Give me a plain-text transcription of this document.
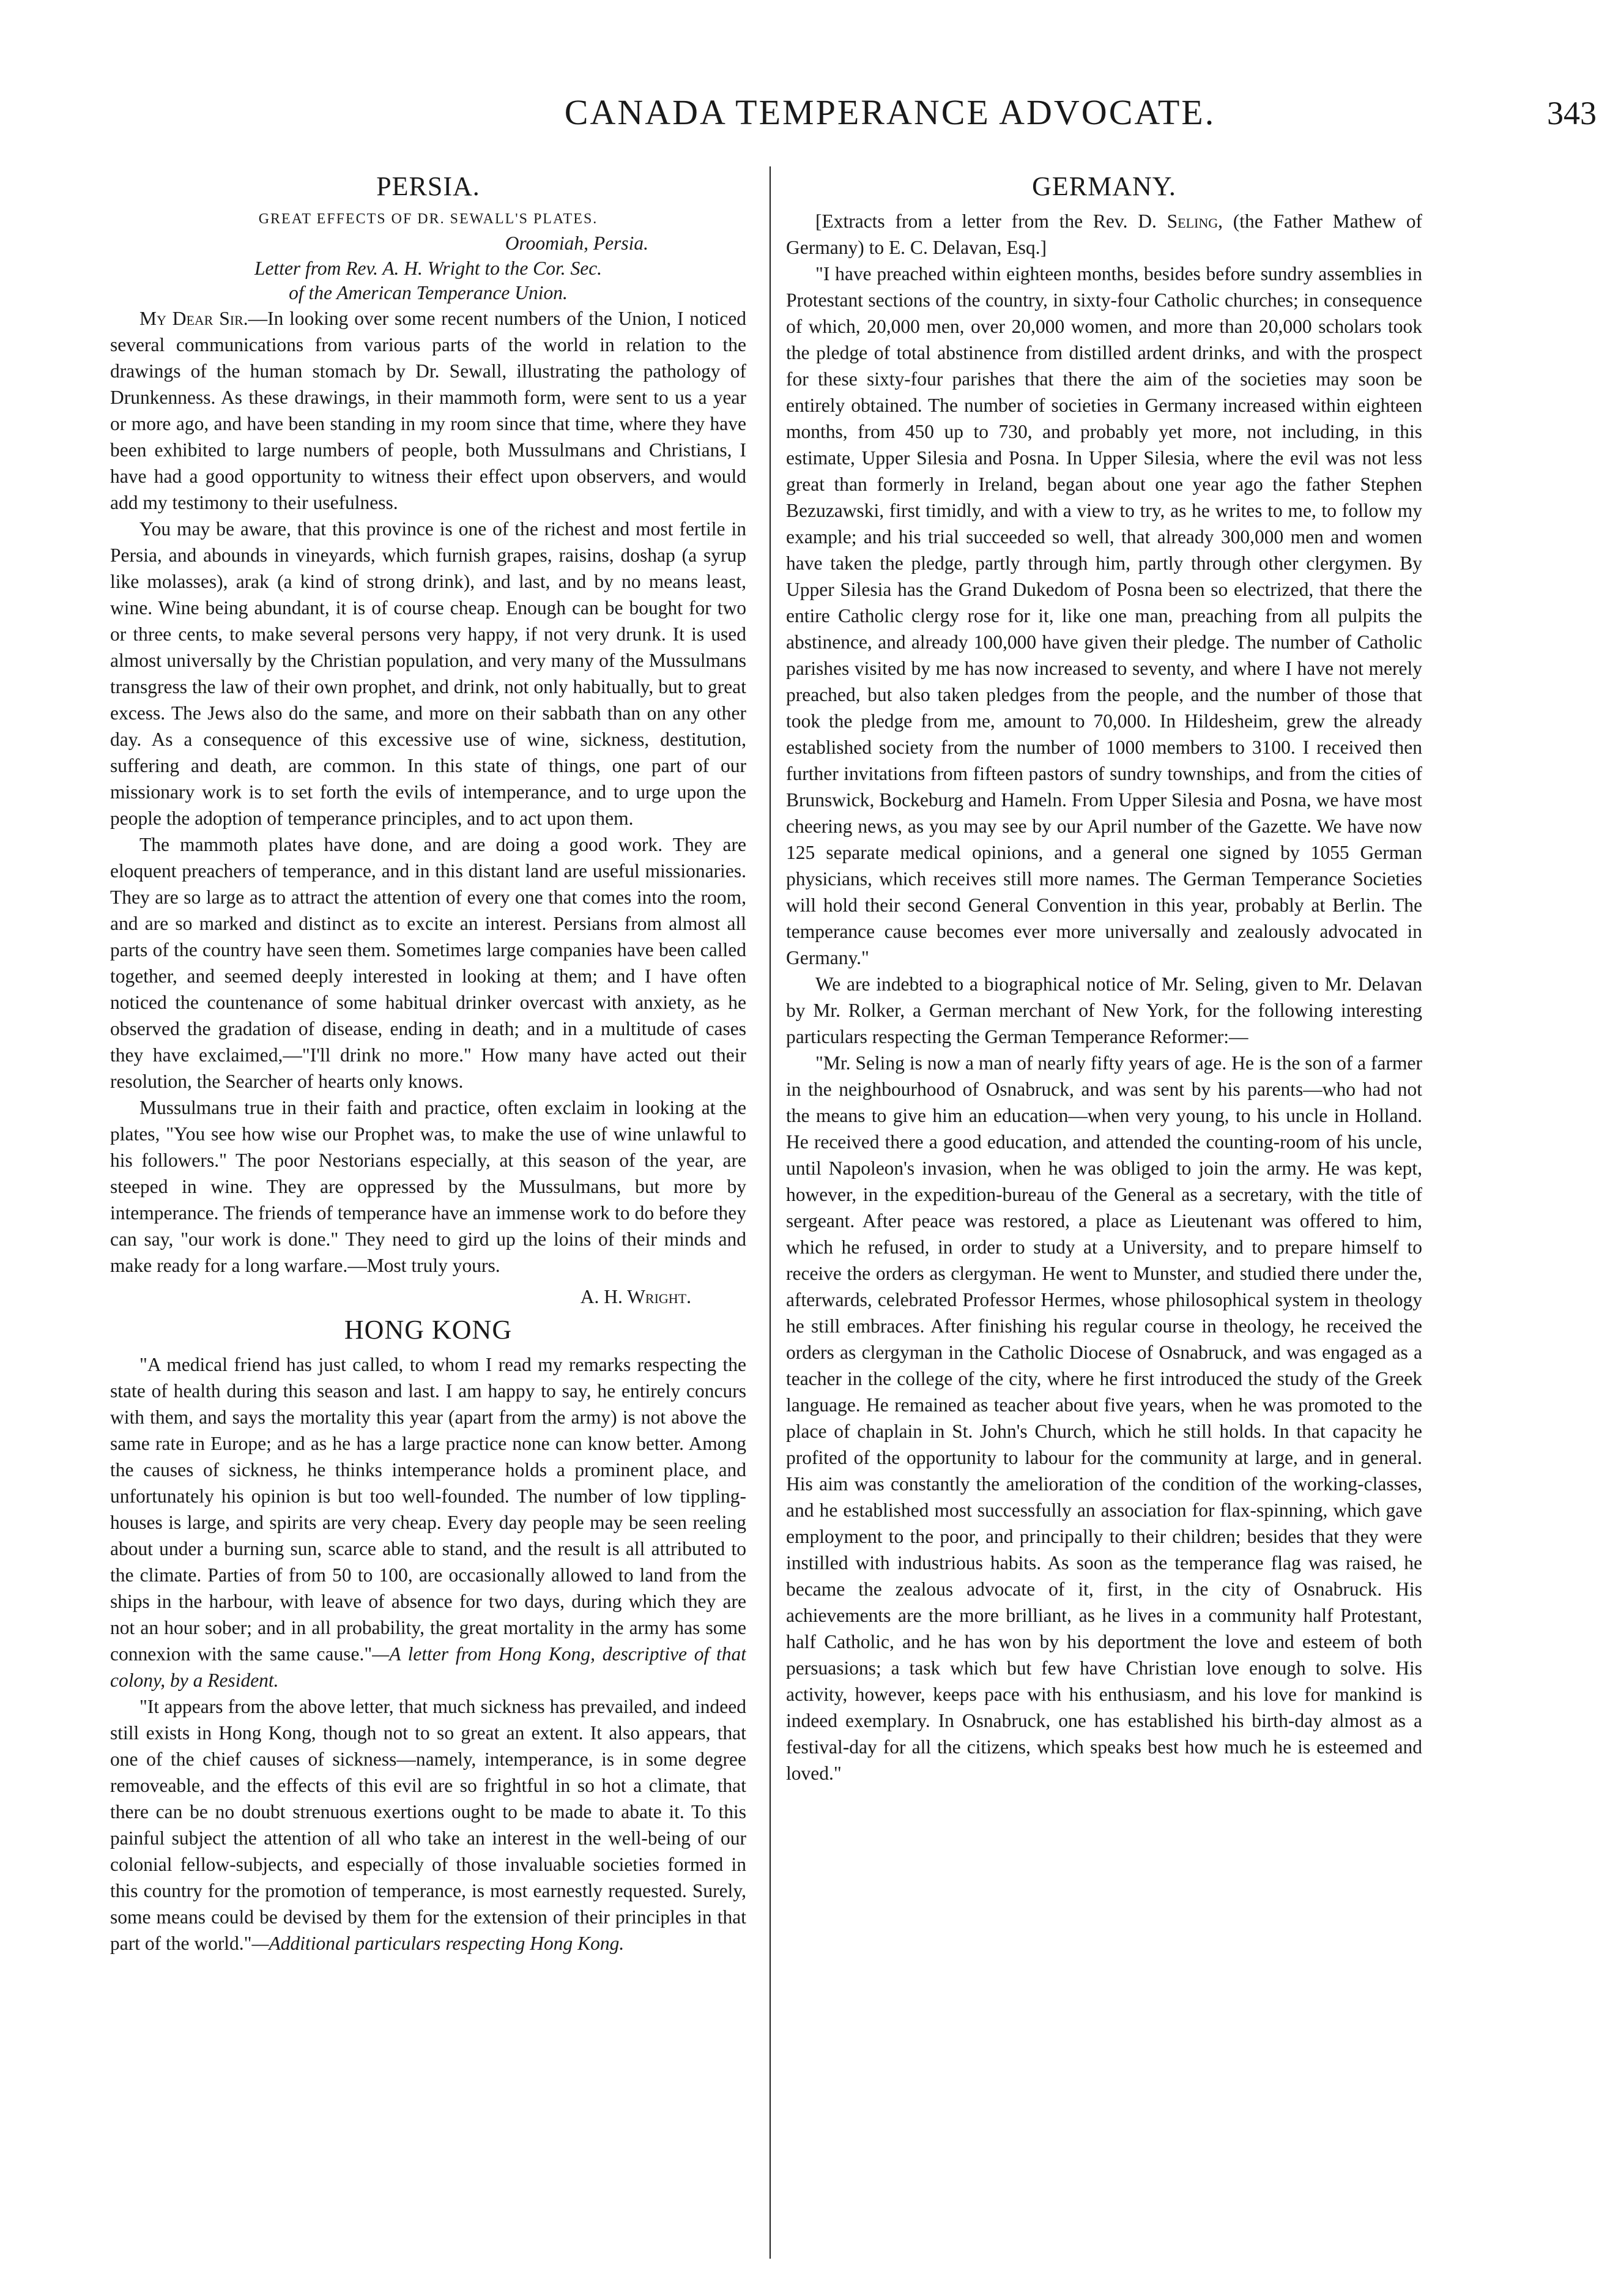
CANADA TEMPERANCE ADVOCATE.	343
PERSIA.
GREAT EFFECTS OF DR. SEWALL'S PLATES.
Oroomiah, Persia.
Letter from Rev. A. H. Wright to the Cor. Sec.
of the American Temperance Union.

My Dear Sir.—In looking over some recent numbers of the Union, I noticed several communications from various parts of the world in relation to the drawings of the human stomach by Dr. Sewall, illustrating the pathology of Drunkenness. As these drawings, in their mammoth form, were sent to us a year or more ago, and have been standing in my room since that time, where they have been exhibited to large numbers of people, both Mussulmans and Christians, I have had a good opportunity to witness their effect upon observers, and would add my testimony to their usefulness.

You may be aware, that this province is one of the richest and most fertile in Persia, and abounds in vineyards, which furnish grapes, raisins, doshap (a syrup like molasses), arak (a kind of strong drink), and last, and by no means least, wine. Wine being abundant, it is of course cheap. Enough can be bought for two or three cents, to make several persons very happy, if not very drunk. It is used almost universally by the Christian population, and very many of the Mussulmans transgress the law of their own prophet, and drink, not only habitually, but to great excess. The Jews also do the same, and more on their sabbath than on any other day. As a consequence of this excessive use of wine, sickness, destitution, suffering and death, are common. In this state of things, one part of our missionary work is to set forth the evils of intemperance, and to urge upon the people the adoption of temperance principles, and to act upon them.

The mammoth plates have done, and are doing a good work. They are eloquent preachers of temperance, and in this distant land are useful missionaries. They are so large as to attract the attention of every one that comes into the room, and are so marked and distinct as to excite an interest. Persians from almost all parts of the country have seen them. Sometimes large companies have been called together, and seemed deeply interested in looking at them; and I have often noticed the countenance of some habitual drinker overcast with anxiety, as he observed the gradation of disease, ending in death; and in a multitude of cases they have exclaimed,—"I'll drink no more." How many have acted out their resolution, the Searcher of hearts only knows.

Mussulmans true in their faith and practice, often exclaim in looking at the plates, "You see how wise our Prophet was, to make the use of wine unlawful to his followers." The poor Nestorians especially, at this season of the year, are steeped in wine. They are oppressed by the Mussulmans, but more by intemperance. The friends of temperance have an immense work to do before they can say, "our work is done." They need to gird up the loins of their minds and make ready for a long warfare.—Most truly yours.

A. H. Wright.
HONG KONG

"A medical friend has just called, to whom I read my remarks respecting the state of health during this season and last. I am happy to say, he entirely concurs with them, and says the mortality this year (apart from the army) is not above the same rate in Europe; and as he has a large practice none can know better. Among the causes of sickness, he thinks intemperance holds a prominent place, and unfortunately his opinion is but too well-founded. The number of low tippling-houses is large, and spirits are very cheap. Every day people may be seen reeling about under a burning sun, scarce able to stand, and the result is all attributed to the climate. Parties of from 50 to 100, are occasionally allowed to land from the ships in the harbour, with leave of absence for two days, during which they are not an hour sober; and in all probability, the great mortality in the army has some connexion with the same cause."—A letter from Hong Kong, descriptive of that colony, by a Resident.

"It appears from the above letter, that much sickness has prevailed, and indeed still exists in Hong Kong, though not to so great an extent. It also appears, that one of the chief causes of sickness—namely, intemperance, is in some degree removeable, and the effects of this evil are so frightful in so hot a climate, that there can be no doubt strenuous exertions ought to be made to abate it. To this painful subject the attention of all who take an interest in the well-being of our colonial fellow-subjects, and especially of those invaluable societies formed in this country for the promotion of temperance, is most earnestly requested. Surely, some means could be devised by them for the extension of their principles in that part of the world."—Additional particulars respecting Hong Kong.

GERMANY.

[Extracts from a letter from the Rev. D. Seling, (the Father Mathew of Germany) to E. C. Delavan, Esq.]

"I have preached within eighteen months, besides before sundry assemblies in Protestant sections of the country, in sixty-four Catholic churches; in consequence of which, 20,000 men, over 20,000 women, and more than 20,000 scholars took the pledge of total abstinence from distilled ardent drinks, and with the prospect for these sixty-four parishes that there the aim of the societies may soon be entirely obtained. The number of societies in Germany increased within eighteen months, from 450 up to 730, and probably yet more, not including, in this estimate, Upper Silesia and Posna. In Upper Silesia, where the evil was not less great than formerly in Ireland, began about one year ago the father Stephen Bezuzawski, first timidly, and with a view to try, as he writes to me, to follow my example; and his trial succeeded so well, that already 300,000 men and women have taken the pledge, partly through him, partly through other clergymen. By Upper Silesia has the Grand Dukedom of Posna been so electrized, that there the entire Catholic clergy rose for it, like one man, preaching from all pulpits the abstinence, and already 100,000 have given their pledge. The number of Catholic parishes visited by me has now increased to seventy, and where I have not merely preached, but also taken pledges from the people, and the number of those that took the pledge from me, amount to 70,000. In Hildesheim, grew the already established society from the number of 1000 members to 3100. I received then further invitations from fifteen pastors of sundry townships, and from the cities of Brunswick, Bockeburg and Hameln. From Upper Silesia and Posna, we have most cheering news, as you may see by our April number of the Gazette. We have now 125 separate medical opinions, and a general one signed by 1055 German physicians, which receives still more names. The German Temperance Societies will hold their second General Convention in this year, probably at Berlin. The temperance cause becomes ever more universally and zealously advocated in Germany."

We are indebted to a biographical notice of Mr. Seling, given to Mr. Delavan by Mr. Rolker, a German merchant of New York, for the following interesting particulars respecting the German Temperance Reformer:—

"Mr. Seling is now a man of nearly fifty years of age. He is the son of a farmer in the neighbourhood of Osnabruck, and was sent by his parents—who had not the means to give him an education—when very young, to his uncle in Holland. He received there a good education, and attended the counting-room of his uncle, until Napoleon's invasion, when he was obliged to join the army. He was kept, however, in the expedition-bureau of the General as a secretary, with the title of sergeant. After peace was restored, a place as Lieutenant was offered to him, which he refused, in order to study at a University, and to prepare himself to receive the orders as clergyman. He went to Munster, and studied there under the, afterwards, celebrated Professor Hermes, whose philosophical system in theology he still embraces. After finishing his regular course in theology, he received the orders as clergyman in the Catholic Diocese of Osnabruck, and was engaged as a teacher in the college of the city, where he first introduced the study of the Greek language. He remained as teacher about five years, when he was promoted to the place of chaplain in St. John's Church, which he still holds. In that capacity he profited of the opportunity to labour for the community at large, and in general. His aim was constantly the amelioration of the condition of the working-classes, and he established most successfully an association for flax-spinning, which gave employment to the poor, and principally to their children; besides that they were instilled with industrious habits. As soon as the temperance flag was raised, he became the zealous advocate of it, first, in the city of Osnabruck. His achievements are the more brilliant, as he lives in a community half Protestant, half Catholic, and he has won by his deportment the love and esteem of both persuasions; a task which but few have Christian love enough to solve. His activity, however, keeps pace with his enthusiasm, and his love for mankind is indeed exemplary. In Osnabruck, one has established his birth-day almost as a festival-day for all the citizens, which speaks best how much he is esteemed and loved."
